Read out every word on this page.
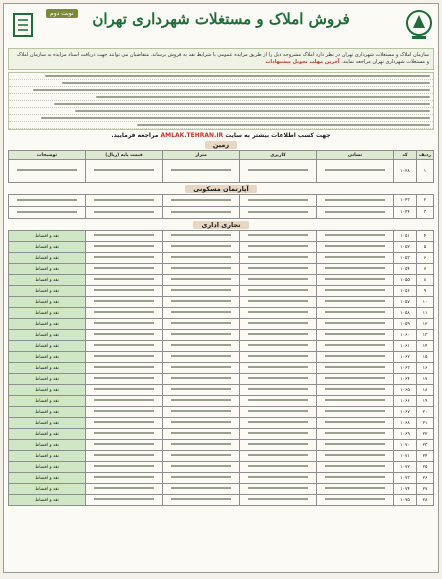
فروش املاک و مستغلات شهرداری تهران
نوبت دوم
سازمان املاک و مستغلات شهرداری تهران در نظر دارد املاک مشروحه ذیل را از طریق مزایده عمومی با شرایط نقد به فروش برساند. متقاضیان می توانند جهت دریافت اسناد مزایده به سازمان املاک و مستغلات شهرداری تهران مراجعه نمایند. آخرین مهلت تحویل پیشنهادات
جهت کسب اطلاعات بیشتر به سایت AMLAK.TEHRAN.IR مراجعه فرمایید.
زمین
ردیف	کد	نشانی	کاربری	متراژ	قیمت پایه (ریال)	توضیحات
۱	۱۰۲۸					
آپارتمان مسکونی
۲	۱۰۴۳					
۳	۱۰۴۴					
تجاری اداری
۴	۱۰۵۱					نقد و اقساط
۵	۱۰۵۲					نقد و اقساط
۶	۱۰۵۳					نقد و اقساط
۷	۱۰۵۴					نقد و اقساط
۸	۱۰۵۵					نقد و اقساط
۹	۱۰۵۶					نقد و اقساط
۱۰	۱۰۵۷					نقد و اقساط
۱۱	۱۰۵۸					نقد و اقساط
۱۲	۱۰۵۹					نقد و اقساط
۱۳	۱۰۶۰					نقد و اقساط
۱۴	۱۰۶۱					نقد و اقساط
۱۵	۱۰۶۲					نقد و اقساط
۱۶	۱۰۶۳					نقد و اقساط
۱۷	۱۰۶۴					نقد و اقساط
۱۸	۱۰۶۵					نقد و اقساط
۱۹	۱۰۶۶					نقد و اقساط
۲۰	۱۰۶۷					نقد و اقساط
۲۱	۱۰۶۸					نقد و اقساط
۲۲	۱۰۶۹					نقد و اقساط
۲۳	۱۰۷۰					نقد و اقساط
۲۴	۱۰۷۱					نقد و اقساط
۲۵	۱۰۷۲					نقد و اقساط
۲۶	۱۰۷۳					نقد و اقساط
۲۷	۱۰۷۴					نقد و اقساط
۲۸	۱۰۷۵					نقد و اقساط
